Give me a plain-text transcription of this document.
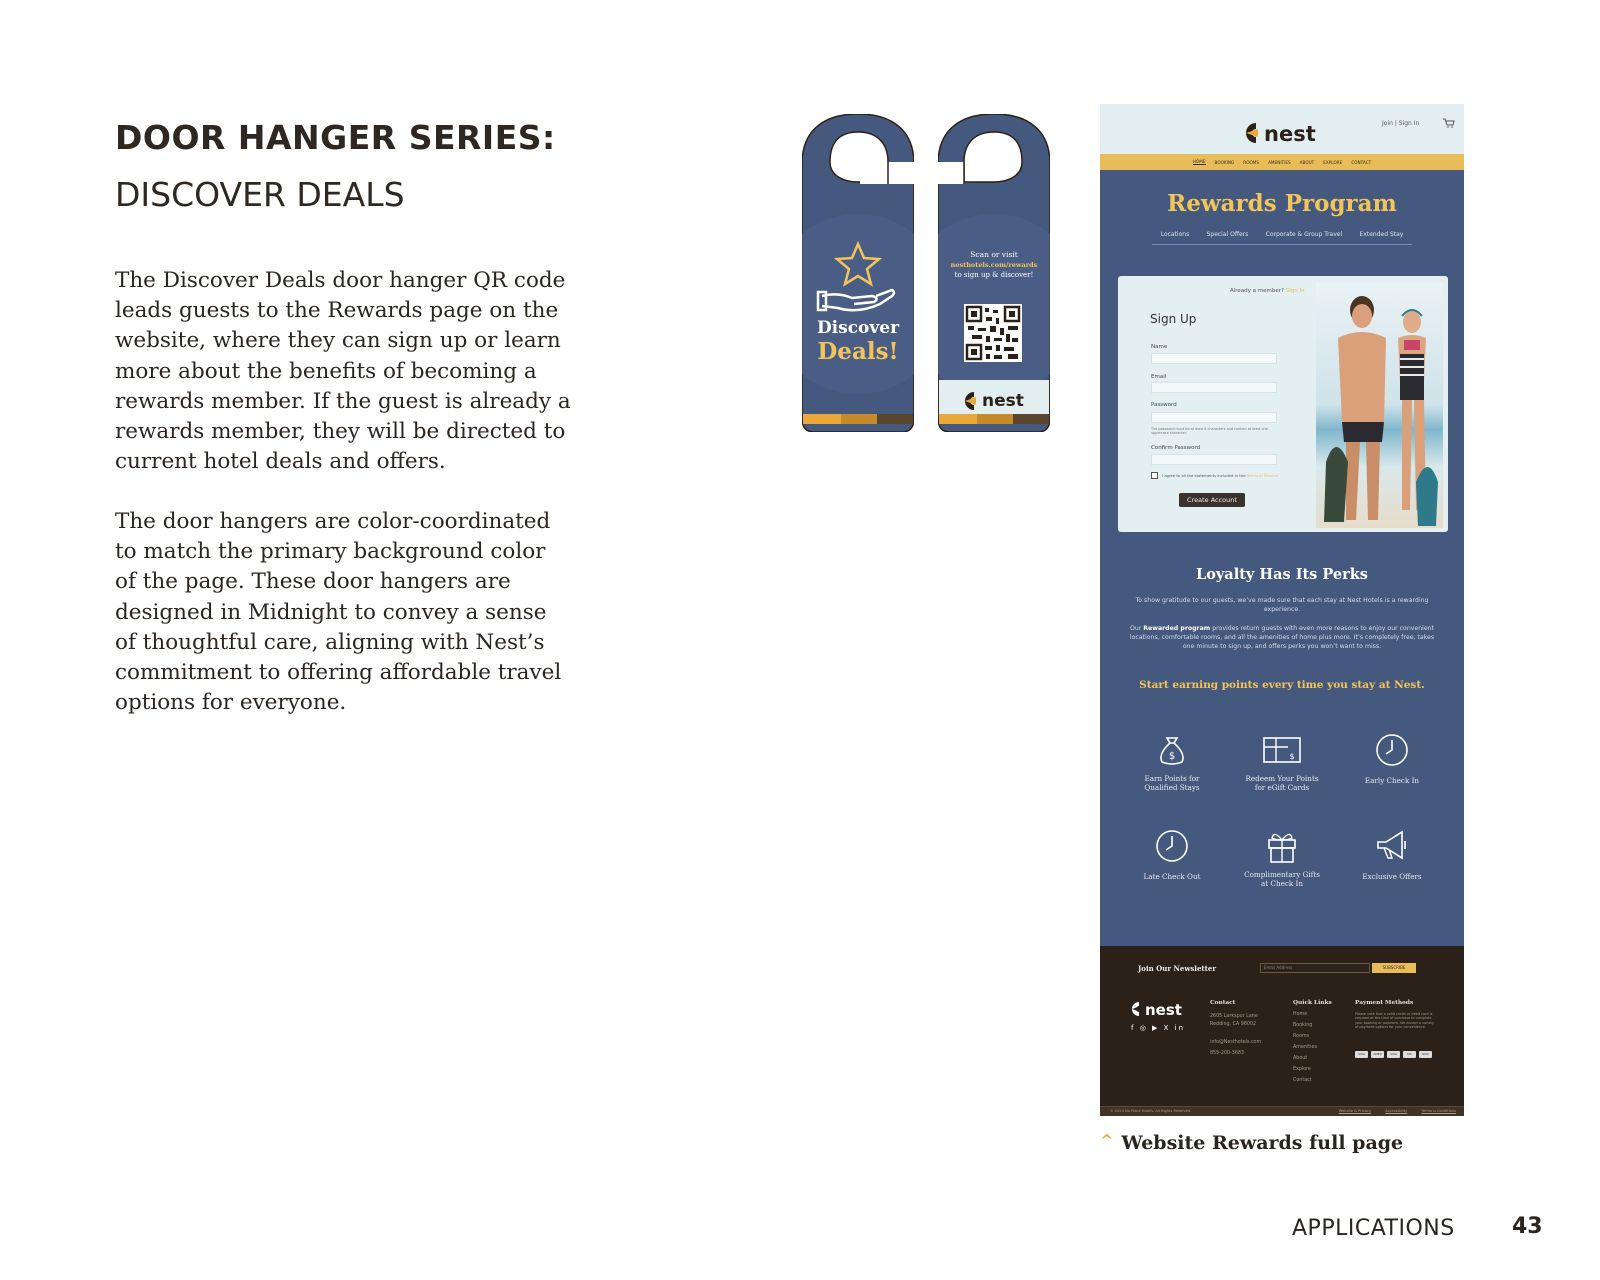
DOOR HANGER SERIES:
DISCOVER DEALS
The Discover Deals door hanger QR code
leads guests to the Rewards page on the
website, where they can sign up or learn
more about the benefits of becoming a
rewards member. If the guest is already a
rewards member, they will be directed to
current hotel deals and offers.
The door hangers are color-coordinated
to match the primary background color
of the page. These door hangers are
designed in Midnight to convey a sense
of thoughtful care, aligning with Nest’s
commitment to offering affordable travel
options for everyone.
Discover
Deals!
Scan or visit
nesthotels.com/rewards
to sign up & discover!
nest
nest	Join | Sign In
HOME BOOKING ROOMS AMENITIES ABOUT EXPLORE CONTACT
Rewards Program
Locations	Special Offers	Corporate & Group Travel	Extended Stay
Already a member? Sign In
Sign Up
Name
Email
Password
The password must be at least 8 characters and contain at least one uppercase character.
Confirm Password
I agree to all the statements included in the Terms of Service
Create Account
Loyalty Has Its Perks
To show gratitude to our guests, we’ve made sure that each stay at Nest Hotels is a rewarding experience.
Our Rewarded program provides return guests with even more reasons to enjoy our convenient locations, comfortable rooms, and all the amenities of home plus more. It’s completely free, takes one minute to sign up, and offers perks you won’t want to miss.
Start earning points every time you stay at Nest.
$
Earn Points for
Qualified Stays
$
Redeem Your Points
for eGift Cards
Early Check In
Late Check Out	Complimentary Gifts
at Check In
Exclusive Offers
Join Our Newsletter	Email Address	SUBSCRIBE
nest
f ◎ ▶ X in
Contact
2605 Larkspur Lane
Redding, CA 96002
info@Nesthotels.com
855-200-3683
Quick Links
Home
Booking
Rooms
Amenities
About
Explore
Contact
Payment Methods
Please note that a valid credit or debit card is required at the time of purchase to complete your booking or payment. We accept a variety of payment options for your convenience.
VISA	AMEX	VISA	MC	DISC
© 2024 No Place Hotels. All Rights Reserved.	Website & Privacy	Accessibility	Terms & Conditions
^ Website Rewards full page
APPLICATIONS	43
